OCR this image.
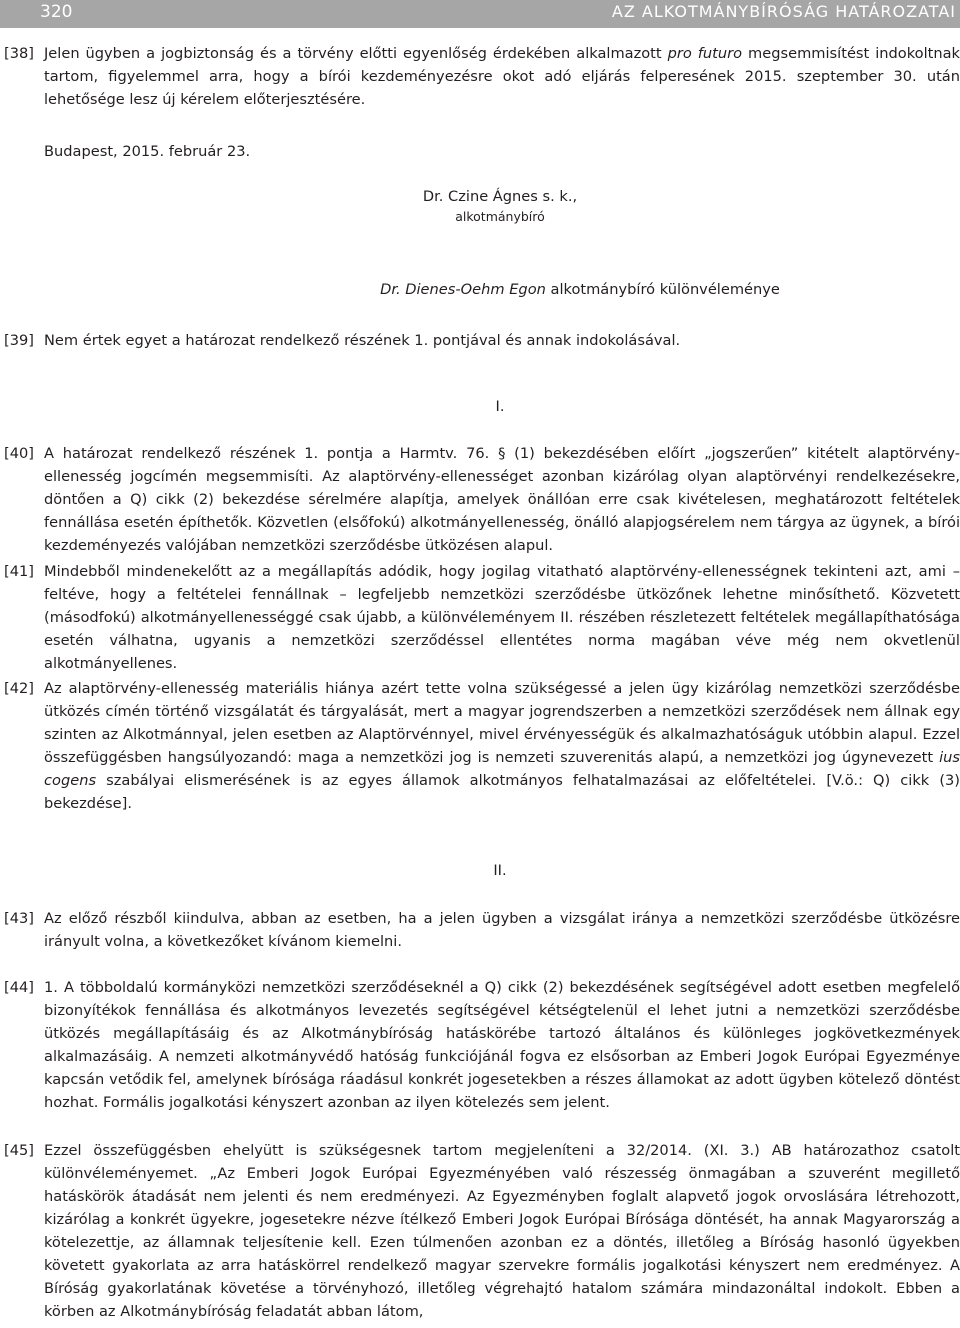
320	AZ ALKOTMÁNYBÍRÓSÁG HATÁROZATAI
[38] Jelen ügyben a jogbiztonság és a törvény előtti egyenlőség érdekében alkalmazott pro futuro megsemmisítést indokoltnak tartom, figyelemmel arra, hogy a bírói kezdeményezésre okot adó eljárás felperesének 2015. szeptember 30. után lehetősége lesz új kérelem előterjesztésére.
Budapest, 2015. február 23.
Dr. Czine Ágnes s. k.,
alkotmánybíró
Dr. Dienes-Oehm Egon alkotmánybíró különvéleménye
[39] Nem értek egyet a határozat rendelkező részének 1. pontjával és annak indokolásával.
I.
[40] A határozat rendelkező részének 1. pontja a Harmtv. 76. § (1) bekezdésében előírt „jogszerűen” kitételt alaptörvény-ellenesség jogcímén megsemmisíti. Az alaptörvény-ellenességet azonban kizárólag olyan alaptörvényi rendelkezésekre, döntően a Q) cikk (2) bekezdése sérelmére alapítja, amelyek önállóan erre csak kivételesen, meghatározott feltételek fennállása esetén építhetők. Közvetlen (elsőfokú) alkotmányellenesség, önálló alapjogsérelem nem tárgya az ügynek, a bírói kezdeményezés valójában nemzetközi szerződésbe ütközésen alapul.
[41] Mindebből mindenekelőtt az a megállapítás adódik, hogy jogilag vitatható alaptörvény-ellenességnek tekinteni azt, ami – feltéve, hogy a feltételei fennállnak – legfeljebb nemzetközi szerződésbe ütközőnek lehetne minősíthető. Közvetett (másodfokú) alkotmányellenességgé csak újabb, a különvéleményem II. részében részletezett feltételek megállapíthatósága esetén válhatna, ugyanis a nemzetközi szerződéssel ellentétes norma magában véve még nem okvetlenül alkotmányellenes.
[42] Az alaptörvény-ellenesség materiális hiánya azért tette volna szükségessé a jelen ügy kizárólag nemzetközi szerződésbe ütközés címén történő vizsgálatát és tárgyalását, mert a magyar jogrendszerben a nemzetközi szerződések nem állnak egy szinten az Alkotmánnyal, jelen esetben az Alaptörvénnyel, mivel érvényességük és alkalmazhatóságuk utóbbin alapul. Ezzel összefüggésben hangsúlyozandó: maga a nemzetközi jog is nemzeti szuverenitás alapú, a nemzetközi jog úgynevezett ius cogens szabályai elismerésének is az egyes államok alkotmányos felhatalmazásai az előfeltételei. [V.ö.: Q) cikk (3) bekezdése].
II.
[43] Az előző részből kiindulva, abban az esetben, ha a jelen ügyben a vizsgálat iránya a nemzetközi szerződésbe ütközésre irányult volna, a következőket kívánom kiemelni.
[44] 1. A többoldalú kormányközi nemzetközi szerződéseknél a Q) cikk (2) bekezdésének segítségével adott esetben megfelelő bizonyítékok fennállása és alkotmányos levezetés segítségével kétségtelenül el lehet jutni a nemzetközi szerződésbe ütközés megállapításáig és az Alkotmánybíróság hatáskörébe tartozó általános és különleges jogkövetkezmények alkalmazásáig. A nemzeti alkotmányvédő hatóság funkciójánál fogva ez elsősorban az Emberi Jogok Európai Egyezménye kapcsán vetődik fel, amelynek bírósága ráadásul konkrét jogesetekben a részes államokat az adott ügyben kötelező döntést hozhat. Formális jogalkotási kényszert azonban az ilyen kötelezés sem jelent.
[45] Ezzel összefüggésben ehelyütt is szükségesnek tartom megjeleníteni a 32/2014. (XI. 3.) AB határozathoz csatolt különvéleményemet. „Az Emberi Jogok Európai Egyezményében való részesség önmagában a szuverént megillető hatáskörök átadását nem jelenti és nem eredményezi. Az Egyezményben foglalt alapvető jogok orvoslására létrehozott, kizárólag a konkrét ügyekre, jogesetekre nézve ítélkező Emberi Jogok Európai Bírósága döntését, ha annak Magyarország a kötelezettje, az államnak teljesítenie kell. Ezen túlmenően azonban ez a döntés, illetőleg a Bíróság hasonló ügyekben követett gyakorlata az arra hatáskörrel rendelkező magyar szervekre formális jogalkotási kényszert nem eredményez. A Bíróság gyakorlatának követése a törvényhozó, illetőleg végrehajtó hatalom számára mindazonáltal indokolt. Ebben a körben az Alkotmánybíróság feladatát abban látom,
